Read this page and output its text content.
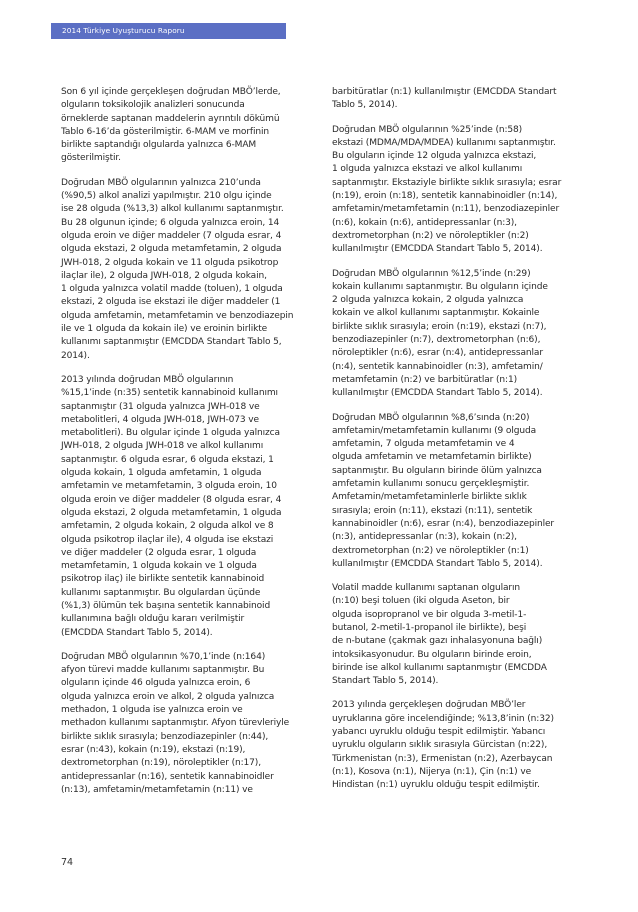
2014 Türkiye Uyuşturucu Raporu
Son 6 yıl içinde gerçekleşen doğrudan MBÖ’lerde,
olguların toksikolojik analizleri sonucunda
örneklerde saptanan maddelerin ayrıntılı dökümü
Tablo 6-16’da gösterilmiştir. 6-MAM ve morfinin
birlikte saptandığı olgularda yalnızca 6-MAM
gösterilmiştir.
Doğrudan MBÖ olgularının yalnızca 210’unda
(%90,5) alkol analizi yapılmıştır. 210 olgu içinde
ise 28 olguda (%13,3) alkol kullanımı saptanmıştır.
Bu 28 olgunun içinde; 6 olguda yalnızca eroin, 14
olguda eroin ve diğer maddeler (7 olguda esrar, 4
olguda ekstazi, 2 olguda metamfetamin, 2 olguda
JWH-018, 2 olguda kokain ve 11 olguda psikotrop
ilaçlar ile), 2 olguda JWH-018, 2 olguda kokain,
1 olguda yalnızca volatil madde (toluen), 1 olguda
ekstazi, 2 olguda ise ekstazi ile diğer maddeler (1
olguda amfetamin, metamfetamin ve benzodiazepin
ile ve 1 olguda da kokain ile) ve eroinin birlikte
kullanımı saptanmıştır (EMCDDA Standart Tablo 5,
2014).
2013 yılında doğrudan MBÖ olgularının
%15,1’inde (n:35) sentetik kannabinoid kullanımı
saptanmıştır (31 olguda yalnızca JWH-018 ve
metabolitleri, 4 olguda JWH-018, JWH-073 ve
metabolitleri). Bu olgular içinde 1 olguda yalnızca
JWH-018, 2 olguda JWH-018 ve alkol kullanımı
saptanmıştır. 6 olguda esrar, 6 olguda ekstazi, 1
olguda kokain, 1 olguda amfetamin, 1 olguda
amfetamin ve metamfetamin, 3 olguda eroin, 10
olguda eroin ve diğer maddeler (8 olguda esrar, 4
olguda ekstazi, 2 olguda metamfetamin, 1 olguda
amfetamin, 2 olguda kokain, 2 olguda alkol ve 8
olguda psikotrop ilaçlar ile), 4 olguda ise ekstazi
ve diğer maddeler (2 olguda esrar, 1 olguda
metamfetamin, 1 olguda kokain ve 1 olguda
psikotrop ilaç) ile birlikte sentetik kannabinoid
kullanımı saptanmıştır. Bu olgulardan üçünde
(%1,3) ölümün tek başına sentetik kannabinoid
kullanımına bağlı olduğu kararı verilmiştir
(EMCDDA Standart Tablo 5, 2014).
Doğrudan MBÖ olgularının %70,1’inde (n:164)
afyon türevi madde kullanımı saptanmıştır. Bu
olguların içinde 46 olguda yalnızca eroin, 6
olguda yalnızca eroin ve alkol, 2 olguda yalnızca
methadon, 1 olguda ise yalnızca eroin ve
methadon kullanımı saptanmıştır. Afyon türevleriyle
birlikte sıklık sırasıyla; benzodiazepinler (n:44),
esrar (n:43), kokain (n:19), ekstazi (n:19),
dextrometorphan (n:19), nöroleptikler (n:17),
antidepressanlar (n:16), sentetik kannabinoidler
(n:13), amfetamin/metamfetamin (n:11) ve
barbitüratlar (n:1) kullanılmıştır (EMCDDA Standart
Tablo 5, 2014).
Doğrudan MBÖ olgularının %25’inde (n:58)
ekstazi (MDMA/MDA/MDEA) kullanımı saptanmıştır.
Bu olguların içinde 12 olguda yalnızca ekstazi,
1 olguda yalnızca ekstazi ve alkol kullanımı
saptanmıştır. Ekstaziyle birlikte sıklık sırasıyla; esrar
(n:19), eroin (n:18), sentetik kannabinoidler (n:14),
amfetamin/metamfetamin (n:11), benzodiazepinler
(n:6), kokain (n:6), antidepressanlar (n:3),
dextrometorphan (n:2) ve nöroleptikler (n:2)
kullanılmıştır (EMCDDA Standart Tablo 5, 2014).
Doğrudan MBÖ olgularının %12,5’inde (n:29)
kokain kullanımı saptanmıştır. Bu olguların içinde
2 olguda yalnızca kokain, 2 olguda yalnızca
kokain ve alkol kullanımı saptanmıştır. Kokainle
birlikte sıklık sırasıyla; eroin (n:19), ekstazi (n:7),
benzodiazepinler (n:7), dextrometorphan (n:6),
nöroleptikler (n:6), esrar (n:4), antidepressanlar
(n:4), sentetik kannabinoidler (n:3), amfetamin/
metamfetamin (n:2) ve barbitüratlar (n:1)
kullanılmıştır (EMCDDA Standart Tablo 5, 2014).
Doğrudan MBÖ olgularının %8,6’sında (n:20)
amfetamin/metamfetamin kullanımı (9 olguda
amfetamin, 7 olguda metamfetamin ve 4
olguda amfetamin ve metamfetamin birlikte)
saptanmıştır. Bu olguların birinde ölüm yalnızca
amfetamin kullanımı sonucu gerçekleşmiştir.
Amfetamin/metamfetaminlerle birlikte sıklık
sırasıyla; eroin (n:11), ekstazi (n:11), sentetik
kannabinoidler (n:6), esrar (n:4), benzodiazepinler
(n:3), antidepressanlar (n:3), kokain (n:2),
dextrometorphan (n:2) ve nöroleptikler (n:1)
kullanılmıştır (EMCDDA Standart Tablo 5, 2014).
Volatil madde kullanımı saptanan olguların
(n:10) beşi toluen (iki olguda Aseton, bir
olguda isopropranol ve bir olguda 3-metil-1-
butanol, 2-metil-1-propanol ile birlikte), beşi
de n-butane (çakmak gazı inhalasyonuna bağlı)
intoksikasyonudur. Bu olguların birinde eroin,
birinde ise alkol kullanımı saptanmıştır (EMCDDA
Standart Tablo 5, 2014).
2013 yılında gerçekleşen doğrudan MBÖ’ler
uyruklarına göre incelendiğinde; %13,8’inin (n:32)
yabancı uyruklu olduğu tespit edilmiştir. Yabancı
uyruklu olguların sıklık sırasıyla Gürcistan (n:22),
Türkmenistan (n:3), Ermenistan (n:2), Azerbaycan
(n:1), Kosova (n:1), Nijerya (n:1), Çin (n:1) ve
Hindistan (n:1) uyruklu olduğu tespit edilmiştir.
74
